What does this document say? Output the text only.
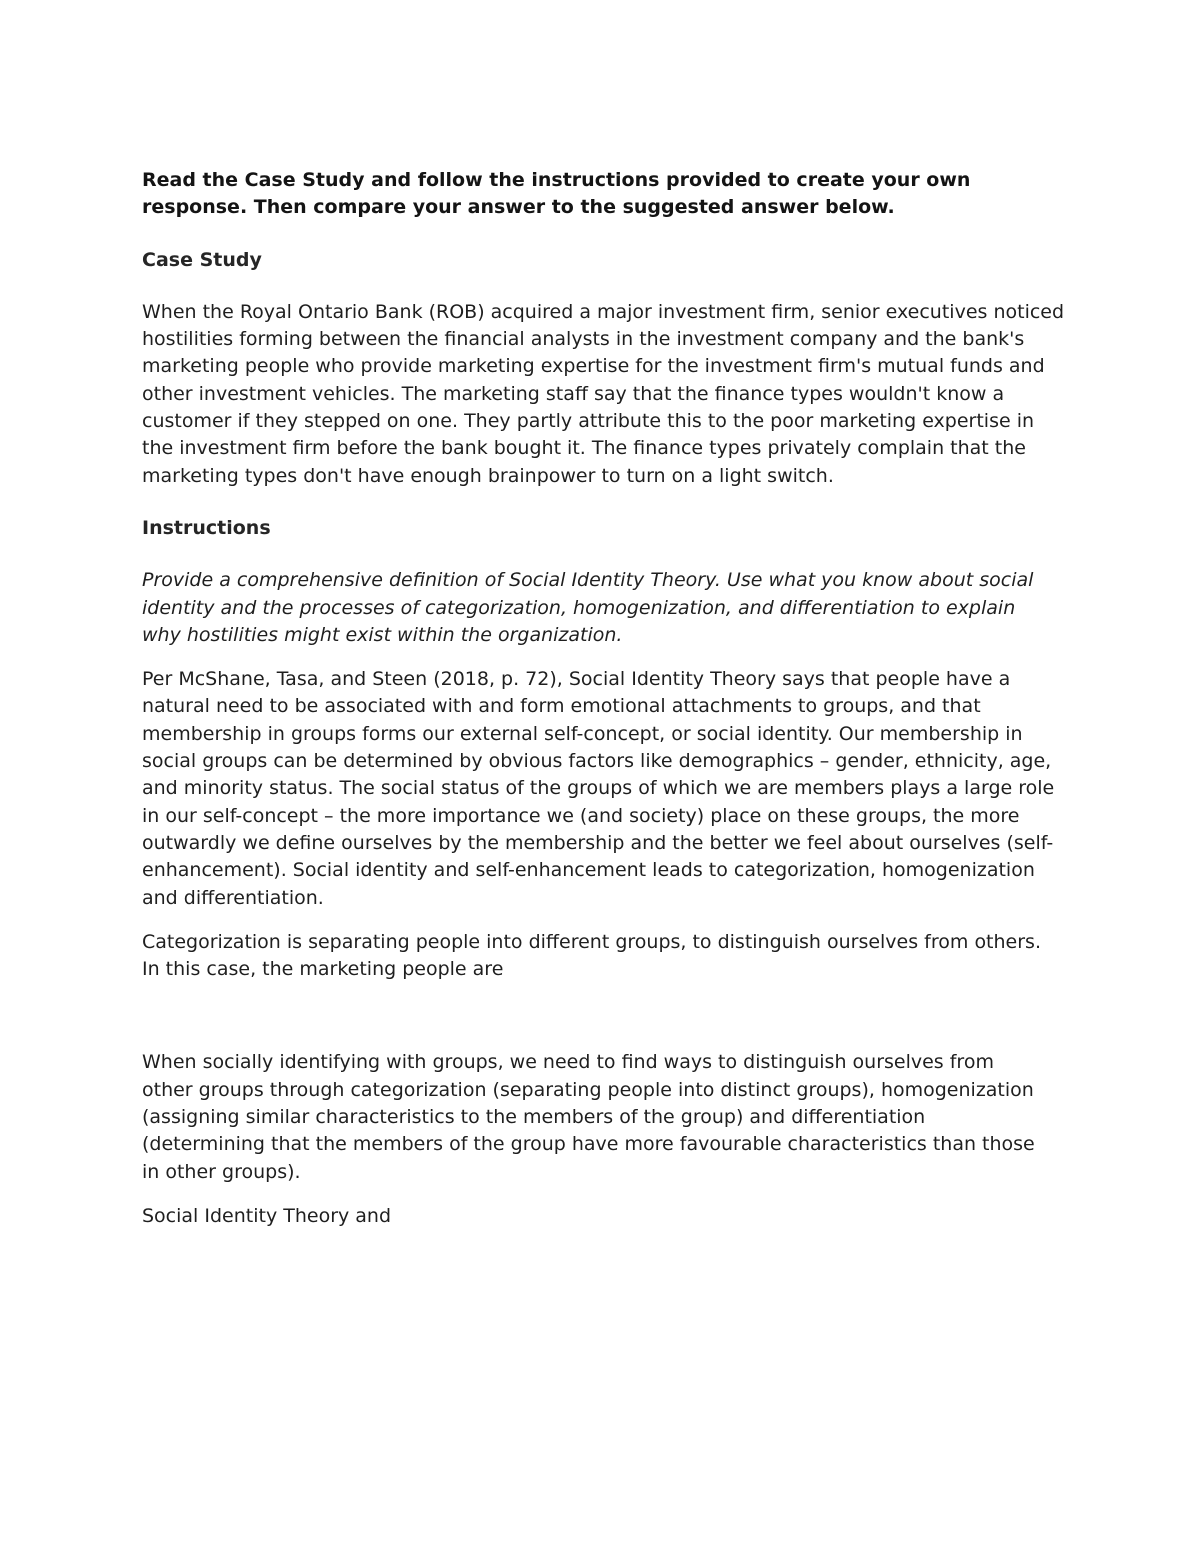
Read the Case Study and follow the instructions provided to create your own response. Then compare your answer to the suggested answer below.

Case Study

When the Royal Ontario Bank (ROB) acquired a major investment firm, senior executives noticed hostilities forming between the financial analysts in the investment company and the bank's marketing people who provide marketing expertise for the investment firm's mutual funds and other investment vehicles. The marketing staff say that the finance types wouldn't know a customer if they stepped on one. They partly attribute this to the poor marketing expertise in the investment firm before the bank bought it. The finance types privately complain that the marketing types don't have enough brainpower to turn on a light switch.

Instructions

Provide a comprehensive definition of Social Identity Theory. Use what you know about social identity and the processes of categorization, homogenization, and differentiation to explain why hostilities might exist within the organization.

Per McShane, Tasa, and Steen (2018, p. 72), Social Identity Theory says that people have a natural need to be associated with and form emotional attachments to groups, and that membership in groups forms our external self-concept, or social identity. Our membership in social groups can be determined by obvious factors like demographics – gender, ethnicity, age, and minority status. The social status of the groups of which we are members plays a large role in our self-concept – the more importance we (and society) place on these groups, the more outwardly we define ourselves by the membership and the better we feel about ourselves (self-enhancement). Social identity and self-enhancement leads to categorization, homogenization and differentiation.

Categorization is separating people into different groups, to distinguish ourselves from others. In this case, the marketing people are

When socially identifying with groups, we need to find ways to distinguish ourselves from other groups through categorization (separating people into distinct groups), homogenization (assigning similar characteristics to the members of the group) and differentiation (determining that the members of the group have more favourable characteristics than those in other groups).

Social Identity Theory and
